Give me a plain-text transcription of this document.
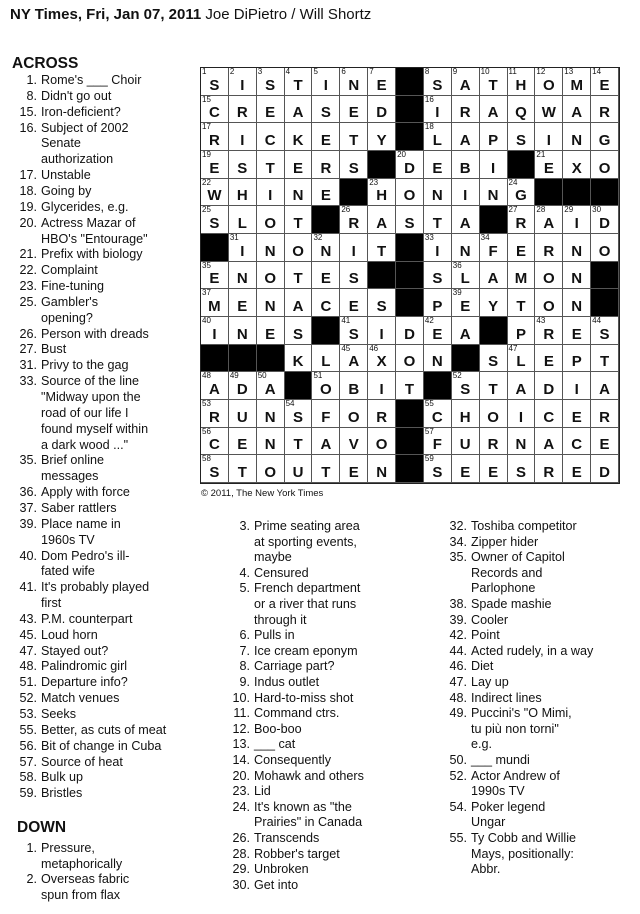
NY Times, Fri, Jan 07, 2011 Joe DiPietro / Will Shortz
ACROSS
DOWN
1
S
2
I
3
S
4
T
5
I
6
N
7
E
8
S
9
A
10
T
11
H
12
O
13
M
14
E
15
C	R	E	A	S	E	D
16
I	R	A	Q W	A	R
17
R	I	C	K	E	T	Y
18
L	A	P	S	I	N	G
19
E	S	T	E	R	S
20
D	E	B	I
21
E	X	O
22
W	H	I	N	E
23
H	O	N	I	N
24
G
25
S	L	O	T
26
R	A	S	T	A
27
R
28
A
29
I
30
D
31
I	N	O
32
N	I	T
33
I	N
34
F	E	R	N	O
35
E	N	O	T	E	S	S
36
L	A	M	O	N
37
M	E	N	A	C	E	S	P
39
E	Y	T	O	N
40
I	N	E	S
41
S	I	D
42
E	A	P
43
R	E
44
S
K	L
45
A
46
X	O	N	S
47
L	E	P	T
48
A
49
D
50
A
51
O	B	I	T
52
S	T	A	D	I	A
53
R	U	N
54
S	F	O	R
55
C	H	O	I	C	E	R
56
C	E	N	T	A	V	O
57
F	U	R	N	A	C	E
58
S	T	O	U	T	E	N
59
S	E	E	S	R	E	D
© 2011, The New York Times
1. Rome's ___ Choir
8. Didn't go out
15. Iron-deficient?
16. Subject of 2002
Senate
authorization
17. Unstable
18. Going by
19. Glycerides, e.g.
20. Actress Mazar of
HBO's "Entourage"
21. Prefix with biology
22. Complaint
23. Fine-tuning
25. Gambler's
opening?
26. Person with dreads
27. Bust
31. Privy to the gag
33. Source of the line
"Midway upon the
road of our life I
found myself within
a dark wood ..."
35. Brief online
messages
36. Apply with force
37. Saber rattlers
39. Place name in
1960s TV
40. Dom Pedro's ill-
fated wife
41. It's probably played
first
43. P.M. counterpart
45. Loud horn
47. Stayed out?
48. Palindromic girl
51. Departure info?
52. Match venues
53. Seeks
55. Better, as cuts of meat
56. Bit of change in Cuba
57. Source of heat
58. Bulk up
59. Bristles
1. Pressure,
metaphorically
2. Overseas fabric
spun from flax
3. Prime seating area
at sporting events,
maybe
4. Censured
5. French department
or a river that runs
through it
6. Pulls in
7. Ice cream eponym
8. Carriage part?
9. Indus outlet
10. Hard-to-miss shot
11. Command ctrs.
12. Boo-boo
13. ___ cat
14. Consequently
20. Mohawk and others
23. Lid
24. It's known as "the
Prairies" in Canada
26. Transcends
28. Robber's target
29. Unbroken
30. Get into
32. Toshiba competitor
34. Zipper hider
35. Owner of Capitol
Records and
Parlophone
38. Spade mashie
39. Cooler
42. Point
44. Acted rudely, in a way
46. Diet
47. Lay up
48. Indirect lines
49. Puccini's "O Mimi,
tu più non torni"
e.g.
50. ___ mundi
52. Actor Andrew of
1990s TV
54. Poker legend
Ungar
55. Ty Cobb and Willie
Mays, positionally:
Abbr.
